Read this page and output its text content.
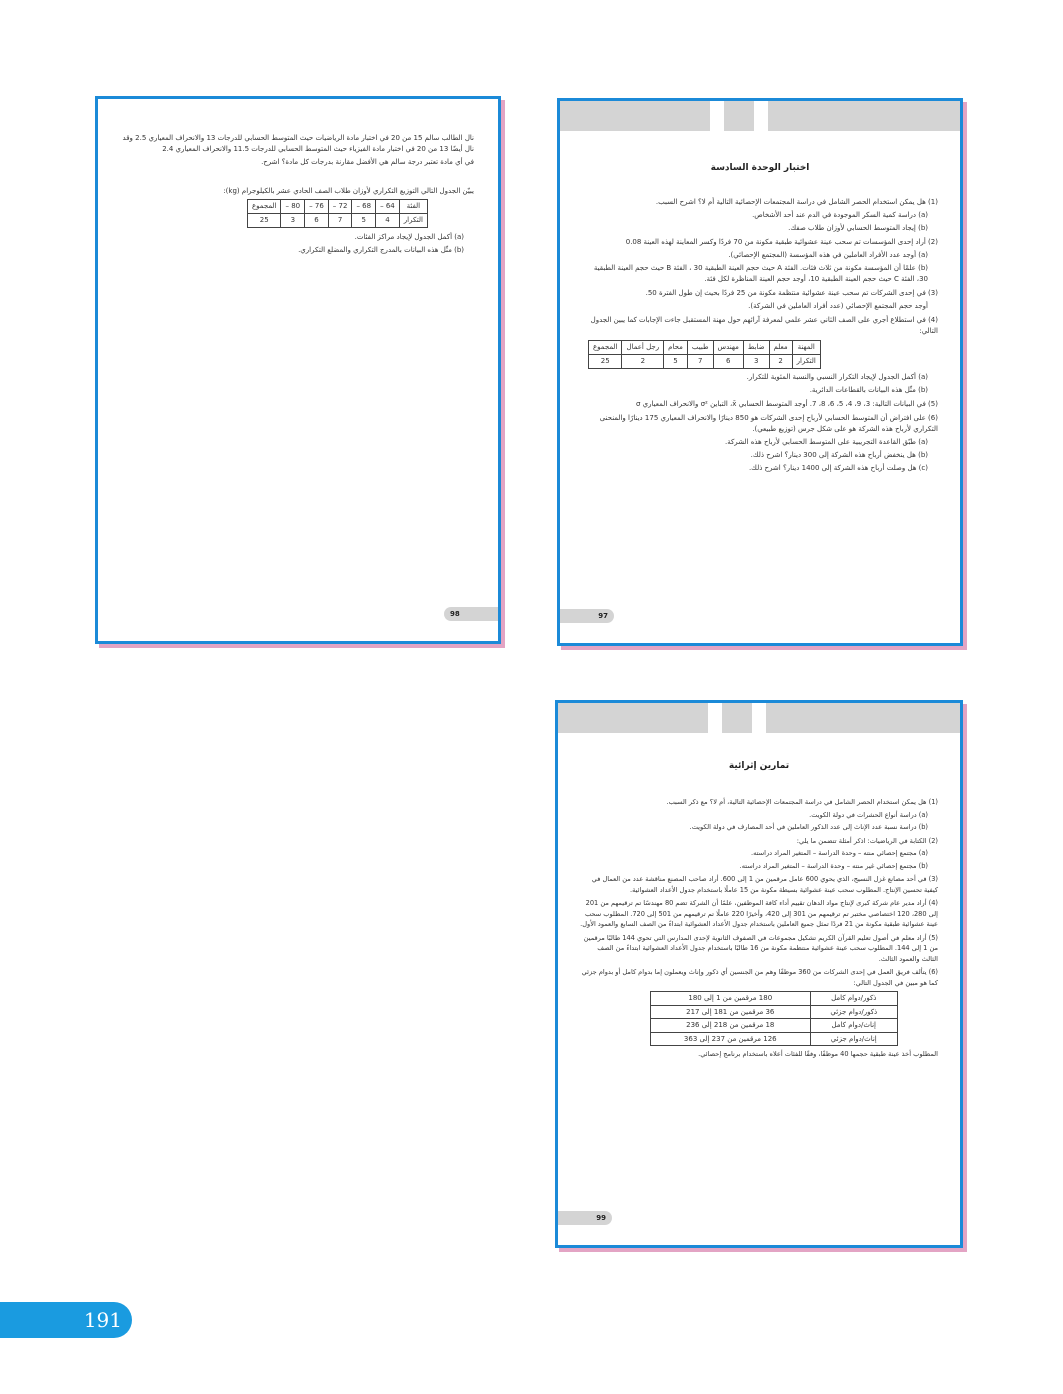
نال الطالب سالم 15 من 20 في اختبار مادة الرياضيات حيث المتوسط الحسابي للدرجات 13 والانحراف المعياري 2.5 وقد نال أيضًا 13 من 20 في اختبار مادة الفيزياء حيث المتوسط الحسابي للدرجات 11.5 والانحراف المعياري 2.4

في أي مادة تعتبر درجة سالم هي الأفضل مقارنة بدرجات كل مادة؟ اشرح.

يبيّن الجدول التالي التوزيع التكراري لأوزان طلاب الصف الحادي عشر بالكيلوجرام (kg):

الفئة	64 –	68 –	72 –	76 –	80 –	المجموع
التكرار	4	5	7	6	3	25

(a) أكمل الجدول لإيجاد مراكز الفئات.

(b) مثّل هذه البيانات بالمدرج التكراري والمضلع التكراري.

98
اختبار الوحدة السادسة

(1) هل يمكن استخدام الحصر الشامل في دراسة المجتمعات الإحصائية التالية أم لا؟ اشرح السبب.

(a) دراسة كمية السكر الموجودة في الدم عند أحد الأشخاص.

(b) إيجاد المتوسط الحسابي لأوزان طلاب صفك.

(2) أراد إحدى المؤسسات تم سحب عينة عشوائية طبقية مكونة من 70 فردًا وكسر المعاينة لهذه العينة 0.08

(a) أوجد عدد الأفراد العاملين في هذه المؤسسة (المجتمع الإحصائي).

(b) علمًا أن المؤسسة مكونة من ثلاث فئات. الفئة A حيث حجم العينة الطبقية 30 ، الفئة B حيث حجم العينة الطبقية 30، الفئة C حيث حجم العينة الطبقية 10، أوجد حجم العينة المناظرة لكل فئة.

(3) في إحدى الشركات تم سحب عينة عشوائية منتظمة مكونة من 25 فردًا بحيث إن طول الفترة 50.

أوجد حجم المجتمع الإحصائي (عدد أفراد العاملين في الشركة).

(4) في استطلاع أجري على الصف الثاني عشر علمي لمعرفة آرائهم حول مهنة المستقبل جاءت الإجابات كما يبين الجدول التالي:

المهنة	معلم	ضابط	مهندس	طبيب	محام	رجل أعمال	المجموع
التكرار	2	3	6	7	5	2	25

(a) أكمل الجدول لإيجاد التكرار النسبي والنسبة المئوية للتكرار.

(b) مثّل هذه البيانات بالقطاعات الدائرية.

(5) في البيانات التالية: 3، 9، 4، 5، 6، 8، 7. أوجد المتوسط الحسابي x̄، التباين σ² والانحراف المعياري σ

(6) على افتراض أن المتوسط الحسابي لأرباح إحدى الشركات هو 850 دينارًا والانحراف المعياري 175 دينارًا والمنحنى التكراري لأرباح هذه الشركة هو على شكل جرس (توزيع طبيعي).

(a) طبّق القاعدة التجريبية على المتوسط الحسابي لأرباح هذه الشركة.

(b) هل ينخفض أرباح هذه الشركة إلى 300 دينار؟ اشرح ذلك.

(c) هل وصلت أرباح هذه الشركة إلى 1400 دينار؟ اشرح ذلك.

97
تمارين إثرائية

(1) هل يمكن استخدام الحصر الشامل في دراسة المجتمعات الإحصائية التالية، أم لا؟ مع ذكر السبب.

(a) دراسة أنواع الحشرات في دولة الكويت.

(b) دراسة نسبة عدد الإناث إلى عدد الذكور العاملين في أحد المصارف في دولة الكويت.

(2) الكتابة في الرياضيات: اذكر أمثلة تتضمن ما يلي:

(a) مجتمع إحصائي منته – وحدة الدراسة – المتغير المراد دراسته.

(b) مجتمع إحصائي غير منته – وحدة الدراسة – المتغير المراد دراسته.

(3) في أحد مصانع غزل النسيج، الذي يحوي 600 عامل مرقمين من 1 إلى 600. أراد صاحب المصنع مناقشة عدد من العمال في كيفية تحسين الإنتاج. المطلوب سحب عينة عشوائية بسيطة مكونة من 15 عاملًا باستخدام جدول الأعداد العشوائية.

(4) أراد مدير عام شركة كبرى لإنتاج مواد الدهان تقييم أداء كافة الموظفين، علمًا أن الشركة تضم 80 مهندسًا تم ترقيمهم من 201 إلى 280، 120 اختصاصي مختبر تم ترقيمهم من 301 إلى 420، وأخيرًا 220 عاملًا تم ترقيمهم من 501 إلى 720. المطلوب سحب عينة عشوائية طبقية مكونة من 21 فردًا تمثل جميع العاملين باستخدام جدول الأعداد العشوائية ابتداءً من الصف السابع والعمود الأول.

(5) أراد معلم في أصول تعليم القرآن الكريم تشكيل مجموعات في الصفوف الثانوية لإحدى المدارس التي تحوي 144 طالبًا مرقمين من 1 إلى 144. المطلوب سحب عينة عشوائية منتظمة مكونة من 16 طالبًا باستخدام جدول الأعداد العشوائية ابتداءً من الصف الثالث والعمود الثالث.

(6) يتألف فريق العمل في إحدى الشركات من 360 موظفًا وهم من الجنسين أي ذكور وإناث ويعملون إما بدوام كامل أو بدوام جزئي كما هو مبين في الجدول التالي:

ذكور/دوام كامل	180 مرقمين من 1 إلى 180
ذكور/دوام جزئي	36 مرقمين من 181 إلى 217
إناث/دوام كامل	18 مرقمين من 218 إلى 236
إناث/دوام جزئي	126 مرقمين من 237 إلى 363

المطلوب أخذ عينة طبقية حجمها 40 موظفًا، وفقًا للفئات أعلاه باستخدام برنامج إحصائي.

99
191
